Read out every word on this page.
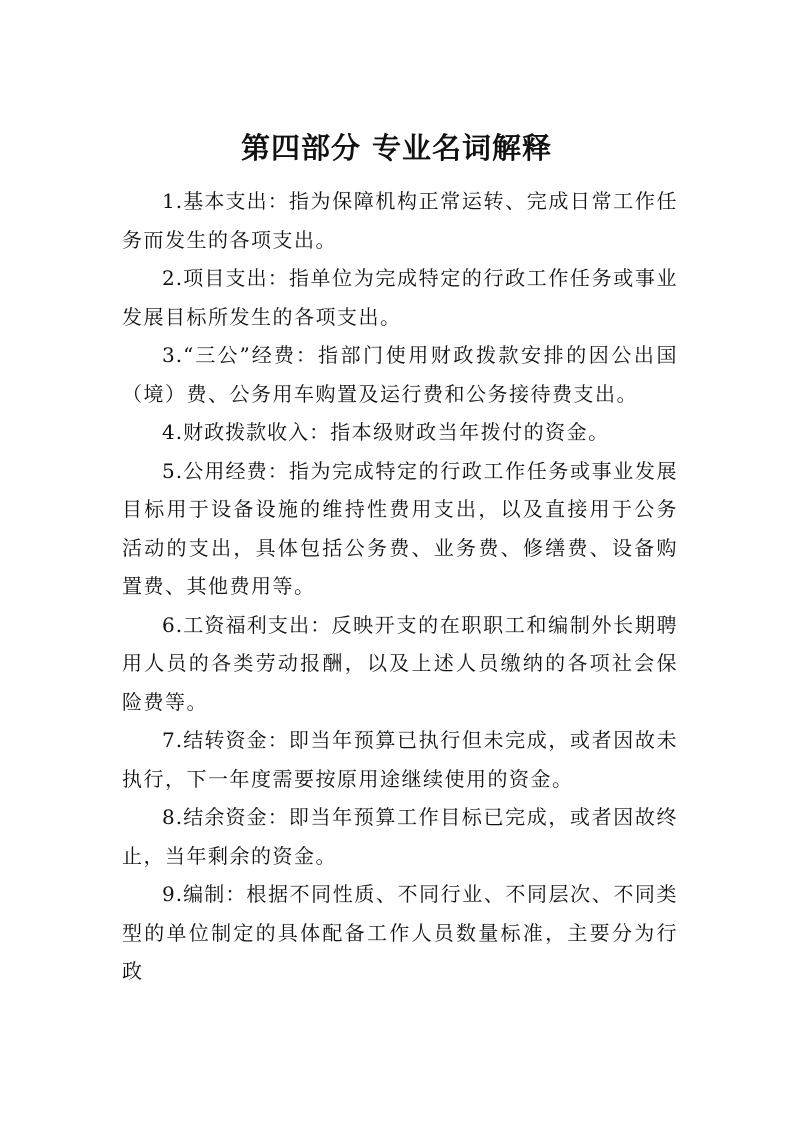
第四部分 专业名词解释

1.基本支出：指为保障机构正常运转、完成日常工作任务而发生的各项支出。

2.项目支出：指单位为完成特定的行政工作任务或事业发展目标所发生的各项支出。

3.“三公”经费：指部门使用财政拨款安排的因公出国（境）费、公务用车购置及运行费和公务接待费支出。

4.财政拨款收入：指本级财政当年拨付的资金。

5.公用经费：指为完成特定的行政工作任务或事业发展目标用于设备设施的维持性费用支出，以及直接用于公务活动的支出，具体包括公务费、业务费、修缮费、设备购置费、其他费用等。

6.工资福利支出：反映开支的在职职工和编制外长期聘用人员的各类劳动报酬，以及上述人员缴纳的各项社会保险费等。

7.结转资金：即当年预算已执行但未完成，或者因故未执行，下一年度需要按原用途继续使用的资金。

8.结余资金：即当年预算工作目标已完成，或者因故终止，当年剩余的资金。

9.编制：根据不同性质、不同行业、不同层次、不同类型的单位制定的具体配备工作人员数量标准，主要分为行政
